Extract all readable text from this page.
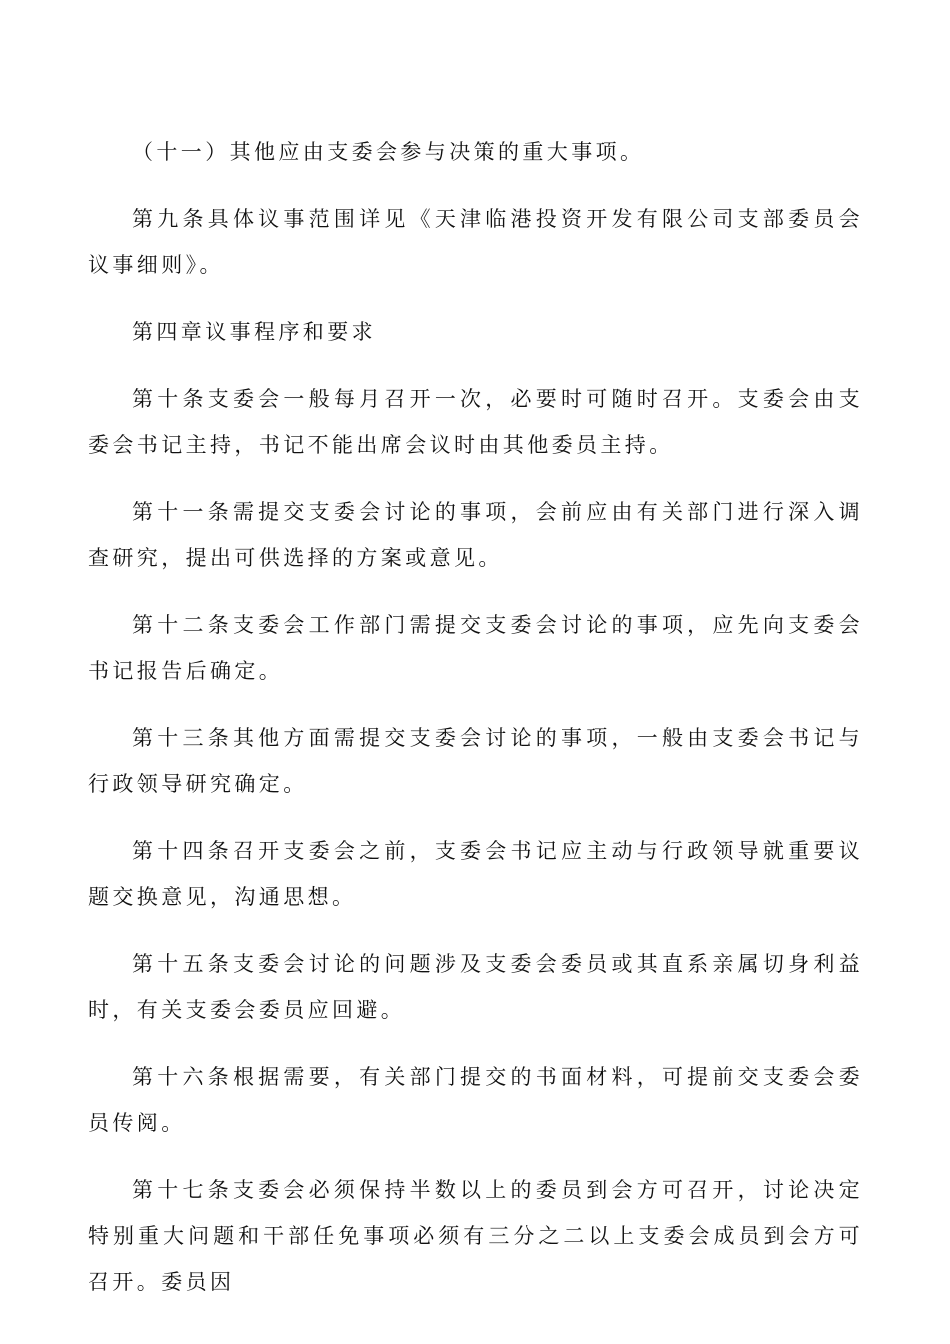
（十一）其他应由支委会参与决策的重大事项。

第九条具体议事范围详见《天津临港投资开发有限公司支部委员会议事细则》。

第四章议事程序和要求

第十条支委会一般每月召开一次，必要时可随时召开。支委会由支委会书记主持，书记不能出席会议时由其他委员主持。

第十一条需提交支委会讨论的事项，会前应由有关部门进行深入调查研究，提出可供选择的方案或意见。

第十二条支委会工作部门需提交支委会讨论的事项，应先向支委会书记报告后确定。

第十三条其他方面需提交支委会讨论的事项，一般由支委会书记与行政领导研究确定。

第十四条召开支委会之前，支委会书记应主动与行政领导就重要议题交换意见，沟通思想。

第十五条支委会讨论的问题涉及支委会委员或其直系亲属切身利益时，有关支委会委员应回避。

第十六条根据需要，有关部门提交的书面材料，可提前交支委会委员传阅。

第十七条支委会必须保持半数以上的委员到会方可召开，讨论决定特别重大问题和干部任免事项必须有三分之二以上支委会成员到会方可召开。委员因
